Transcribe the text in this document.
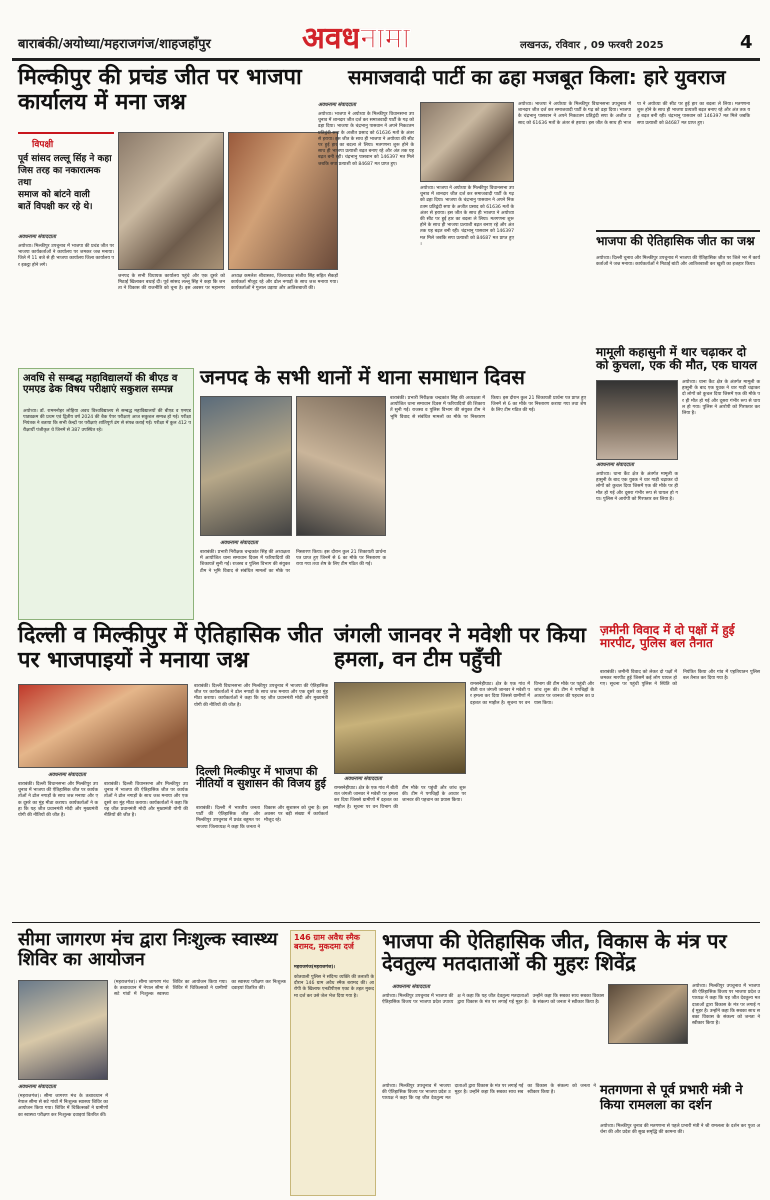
बाराबंकी/अयोध्या/महराजगंज/शाहजहाँपुर	अवधनामा	लखनऊ, रविवार , 09 फरवरी 2025	4
मिल्कीपुर की प्रचंड जीत पर भाजपा कार्यालय में मना जश्न
विपक्षी
पूर्व सांसद लल्लू सिंह ने कहा जिस तरह का नकारात्मक तथा
समाज को बांटने वाली
बातें विपक्षी कर रहे थे।
अवधनामा संवाददाता
अयोध्या। मिल्कीपुर उपचुनाव में भाजपा की प्रचंड जीत पर भाजपा कार्यकर्ताओं ने कार्यालय पर जमकर जश्न मनाया। जिले में 11 बजे से ही भाजपा कार्यालय जिला कार्यालय पर इकट्ठा होने लगे।
जनपद के सभी विधायक कार्यालय पहुंचे और एक दूसरे को मिठाई खिलाकर बधाई दी। पूर्व सांसद लल्लू सिंह ने कहा कि जनता ने विकास की राजनीति को चुना है। इस अवसर पर महानगर अध्यक्ष कमलेश श्रीवास्तव, जिलाध्यक्ष संजीव सिंह सहित सैकड़ों कार्यकर्ता मौजूद रहे और ढोल नगाड़ों के साथ जश्न मनाया गया। कार्यकर्ताओं ने गुलाल उड़ाया और आतिशबाजी की।
समाजवादी पार्टी का ढहा मजबूत किला: हारे युवराज
अवधनामा संवाददाता
अयोध्या। भाजपा ने अयोध्या के मिल्कीपुर विधानसभा उपचुनाव में शानदार जीत दर्ज कर समाजवादी पार्टी के गढ़ को ढहा दिया। भाजपा के चंद्रभानु पासवान ने अपने निकटतम प्रतिद्वंदी सपा के अजीत प्रसाद को 61636 मतों के अंतर से हराया। इस जीत के साथ ही भाजपा ने अयोध्या की सीट पर हुई हार का बदला ले लिया। मतगणना शुरू होने के साथ ही भाजपा प्रत्याशी बढ़त बनाए रहे और अंत तक यह बढ़त बनी रही। चंद्रभानु पासवान को 146397 मत मिले जबकि सपा प्रत्याशी को 84687 मत प्राप्त हुए।
अयोध्या। भाजपा ने अयोध्या के मिल्कीपुर विधानसभा उपचुनाव में शानदार जीत दर्ज कर समाजवादी पार्टी के गढ़ को ढहा दिया। भाजपा के चंद्रभानु पासवान ने अपने निकटतम प्रतिद्वंदी सपा के अजीत प्रसाद को 61636 मतों के अंतर से हराया। इस जीत के साथ ही भाजपा ने अयोध्या की सीट पर हुई हार का बदला ले लिया। मतगणना शुरू होने के साथ ही भाजपा प्रत्याशी बढ़त बनाए रहे और अंत तक यह बढ़त बनी रही। चंद्रभानु पासवान को 146397 मत मिले जबकि सपा प्रत्याशी को 84687 मत प्राप्त हुए।
अयोध्या। भाजपा ने अयोध्या के मिल्कीपुर विधानसभा उपचुनाव में शानदार जीत दर्ज कर समाजवादी पार्टी के गढ़ को ढहा दिया। भाजपा के चंद्रभानु पासवान ने अपने निकटतम प्रतिद्वंदी सपा के अजीत प्रसाद को 61636 मतों के अंतर से हराया। इस जीत के साथ ही भाजपा ने अयोध्या की सीट पर हुई हार का बदला ले लिया। मतगणना शुरू होने के साथ ही भाजपा प्रत्याशी बढ़त बनाए रहे और अंत तक यह बढ़त बनी रही। चंद्रभानु पासवान को 146397 मत मिले जबकि सपा प्रत्याशी को 84687 मत प्राप्त हुए।
भाजपा की ऐतिहासिक जीत का जश्न
अयोध्या। दिल्ली चुनाव और मिल्कीपुर उपचुनाव में भाजपा की ऐतिहासिक जीत पर जिले भर में कार्यकर्ताओं ने जश्न मनाया। कार्यकर्ताओं ने मिठाई बांटी और आतिशबाजी कर खुशी का इजहार किया।
अवधि से सम्बद्ध महाविद्यालयों की बीएड व एमएड ढेक विषय परीक्षाएं सकुशल सम्पन्न
अयोध्या। डॉ. राममनोहर लोहिया अवध विश्वविद्यालय से सम्बद्ध महाविद्यालयों की बीएड व एमएड पाठ्यक्रम की प्रथम एवं द्वितीय वर्ष 2024 की बैक पेपर परीक्षाएं आज सकुशल सम्पन्न हो गई। परीक्षा नियंत्रक ने बताया कि सभी केन्द्रों पर परीक्षाएं शांतिपूर्ण ढंग से संपन्न कराई गईं। परीक्षा में कुल 412 परीक्षार्थी पंजीकृत थे जिनमें से 387 उपस्थित रहे।
जनपद के सभी थानों में थाना समाधान दिवस
अवधनामा संवाददाता
बाराबंकी। प्रभारी निरीक्षक चन्द्रकांत सिंह की अध्यक्षता में आयोजित थाना समाधान दिवस में फरियादियों की शिकायतें सुनी गईं। राजस्व व पुलिस विभाग की संयुक्त टीम ने भूमि विवाद से संबंधित मामलों का मौके पर निस्तारण किया। इस दौरान कुल 21 शिकायती प्रार्थना पत्र प्राप्त हुए जिनमें से 6 का मौके पर निस्तारण कराया गया तथा शेष के लिए टीम गठित की गई।
बाराबंकी। प्रभारी निरीक्षक चन्द्रकांत सिंह की अध्यक्षता में आयोजित थाना समाधान दिवस में फरियादियों की शिकायतें सुनी गईं। राजस्व व पुलिस विभाग की संयुक्त टीम ने भूमि विवाद से संबंधित मामलों का मौके पर निस्तारण किया। इस दौरान कुल 21 शिकायती प्रार्थना पत्र प्राप्त हुए जिनमें से 6 का मौके पर निस्तारण कराया गया तथा शेष के लिए टीम गठित की गई।
मामूली कहासुनी में थार चढ़ाकर दो को कुचला, एक की मौत, एक घायल
अवधनामा संवाददाता
अयोध्या। थाना कैंट क्षेत्र के अंतर्गत मामूली कहासुनी के बाद एक युवक ने थार गाड़ी चढ़ाकर दो लोगों को कुचल दिया जिसमें एक की मौके पर ही मौत हो गई और दूसरा गंभीर रूप से घायल हो गया। पुलिस ने आरोपी को गिरफ्तार कर लिया है।
अयोध्या। थाना कैंट क्षेत्र के अंतर्गत मामूली कहासुनी के बाद एक युवक ने थार गाड़ी चढ़ाकर दो लोगों को कुचल दिया जिसमें एक की मौके पर ही मौत हो गई और दूसरा गंभीर रूप से घायल हो गया। पुलिस ने आरोपी को गिरफ्तार कर लिया है।
दिल्ली व मिल्कीपुर में ऐतिहासिक जीत पर भाजपाइयों ने मनाया जश्न
अवधनामा संवाददाता
बाराबंकी। दिल्ली विधानसभा और मिल्कीपुर उपचुनाव में भाजपा की ऐतिहासिक जीत पर कार्यकर्ताओं ने ढोल नगाड़ों के साथ जश्न मनाया और एक दूसरे का मुंह मीठा कराया। कार्यकर्ताओं ने कहा कि यह जीत प्रधानमंत्री मोदी और मुख्यमंत्री योगी की नीतियों की जीत है।
बाराबंकी। दिल्ली विधानसभा और मिल्कीपुर उपचुनाव में भाजपा की ऐतिहासिक जीत पर कार्यकर्ताओं ने ढोल नगाड़ों के साथ जश्न मनाया और एक दूसरे का मुंह मीठा कराया। कार्यकर्ताओं ने कहा कि यह जीत प्रधानमंत्री मोदी और मुख्यमंत्री योगी की नीतियों की जीत है।
बाराबंकी। दिल्ली विधानसभा और मिल्कीपुर उपचुनाव में भाजपा की ऐतिहासिक जीत पर कार्यकर्ताओं ने ढोल नगाड़ों के साथ जश्न मनाया और एक दूसरे का मुंह मीठा कराया। कार्यकर्ताओं ने कहा कि यह जीत प्रधानमंत्री मोदी और मुख्यमंत्री योगी की नीतियों की जीत है।
दिल्ली मिल्कीपुर में भाजपा की नीतियों व सुशासन की विजय हुई
बाराबंकी। दिल्ली में भारतीय जनता पार्टी की ऐतिहासिक जीत और मिल्कीपुर उपचुनाव में प्रचंड बहुमत पर भाजपा जिलाध्यक्ष ने कहा कि जनता ने विकास और सुशासन को चुना है। इस अवसर पर बड़ी संख्या में कार्यकर्ता मौजूद रहे।
जंगली जानवर ने मवेशी पर किया हमला, वन टीम पहुँची
अवधनामा संवाददाता
रामसनेहीघाट। क्षेत्र के एक गांव में बीती रात जंगली जानवर ने मवेशी पर हमला कर दिया जिससे ग्रामीणों में दहशत का माहौल है। सूचना पर वन विभाग की टीम मौके पर पहुंची और जांच शुरू की। टीम ने पगचिह्नों के आधार पर जानवर की पहचान का प्रयास किया।
रामसनेहीघाट। क्षेत्र के एक गांव में बीती रात जंगली जानवर ने मवेशी पर हमला कर दिया जिससे ग्रामीणों में दहशत का माहौल है। सूचना पर वन विभाग की टीम मौके पर पहुंची और जांच शुरू की। टीम ने पगचिह्नों के आधार पर जानवर की पहचान का प्रयास किया।
ज़मीनी विवाद में दो पक्षों में हुई मारपीट, पुलिस बल तैनात
बाराबंकी। जमीनी विवाद को लेकर दो पक्षों में जमकर मारपीट हुई जिसमें कई लोग घायल हो गए। सूचना पर पहुंची पुलिस ने स्थिति को नियंत्रित किया और गांव में एहतियातन पुलिस बल तैनात कर दिया गया है।
सीमा जागरण मंच द्वारा निःशुल्क स्वास्थ्य शिविर का आयोजन
अवधनामा संवाददाता
(महराजगंज)। सीमा जागरण मंच के तत्वावधान में नेपाल सीमा से सटे गांवों में निःशुल्क स्वास्थ्य शिविर का आयोजन किया गया। शिविर में चिकित्सकों ने ग्रामीणों का स्वास्थ्य परीक्षण कर निःशुल्क दवाइयां वितरित कीं।
(महराजगंज)। सीमा जागरण मंच के तत्वावधान में नेपाल सीमा से सटे गांवों में निःशुल्क स्वास्थ्य शिविर का आयोजन किया गया। शिविर में चिकित्सकों ने ग्रामीणों का स्वास्थ्य परीक्षण कर निःशुल्क दवाइयां वितरित कीं।
146 ग्राम अवैध स्मैक बरामद, मुकदमा दर्ज
महराजगंज(महराजगंज)।
कोतवाली पुलिस ने संदिग्ध व्यक्ति की तलाशी के दौरान 146 ग्राम अवैध स्मैक बरामद की। आरोपी के खिलाफ एनडीपीएस एक्ट के तहत मुकदमा दर्ज कर उसे जेल भेज दिया गया है।
भाजपा की ऐतिहासिक जीत, विकास के मंत्र पर देवतुल्य मतदाताओं की मुहरः शिवेंद्र
अवधनामा संवाददाता
अयोध्या। मिल्कीपुर उपचुनाव में भाजपा की ऐतिहासिक विजय पर भाजपा प्रदेश उपाध्यक्ष ने कहा कि यह जीत देवतुल्य मतदाताओं द्वारा विकास के मंत्र पर लगाई गई मुहर है। उन्होंने कहा कि सबका साथ सबका विकास के संकल्प को जनता ने स्वीकार किया है।
अयोध्या। मिल्कीपुर उपचुनाव में भाजपा की ऐतिहासिक विजय पर भाजपा प्रदेश उपाध्यक्ष ने कहा कि यह जीत देवतुल्य मतदाताओं द्वारा विकास के मंत्र पर लगाई गई मुहर है। उन्होंने कहा कि सबका साथ सबका विकास के संकल्प को जनता ने स्वीकार किया है।
मतगणना से पूर्व प्रभारी मंत्री ने किया रामलला का दर्शन
अयोध्या। मिल्कीपुर चुनाव की मतगणना से पहले प्रभारी मंत्री ने श्री रामलला के दर्शन कर पूजा अर्चना की और प्रदेश की सुख समृद्धि की कामना की।
अयोध्या। मिल्कीपुर उपचुनाव में भाजपा की ऐतिहासिक विजय पर भाजपा प्रदेश उपाध्यक्ष ने कहा कि यह जीत देवतुल्य मतदाताओं द्वारा विकास के मंत्र पर लगाई गई मुहर है। उन्होंने कहा कि सबका साथ सबका विकास के संकल्प को जनता ने स्वीकार किया है।
